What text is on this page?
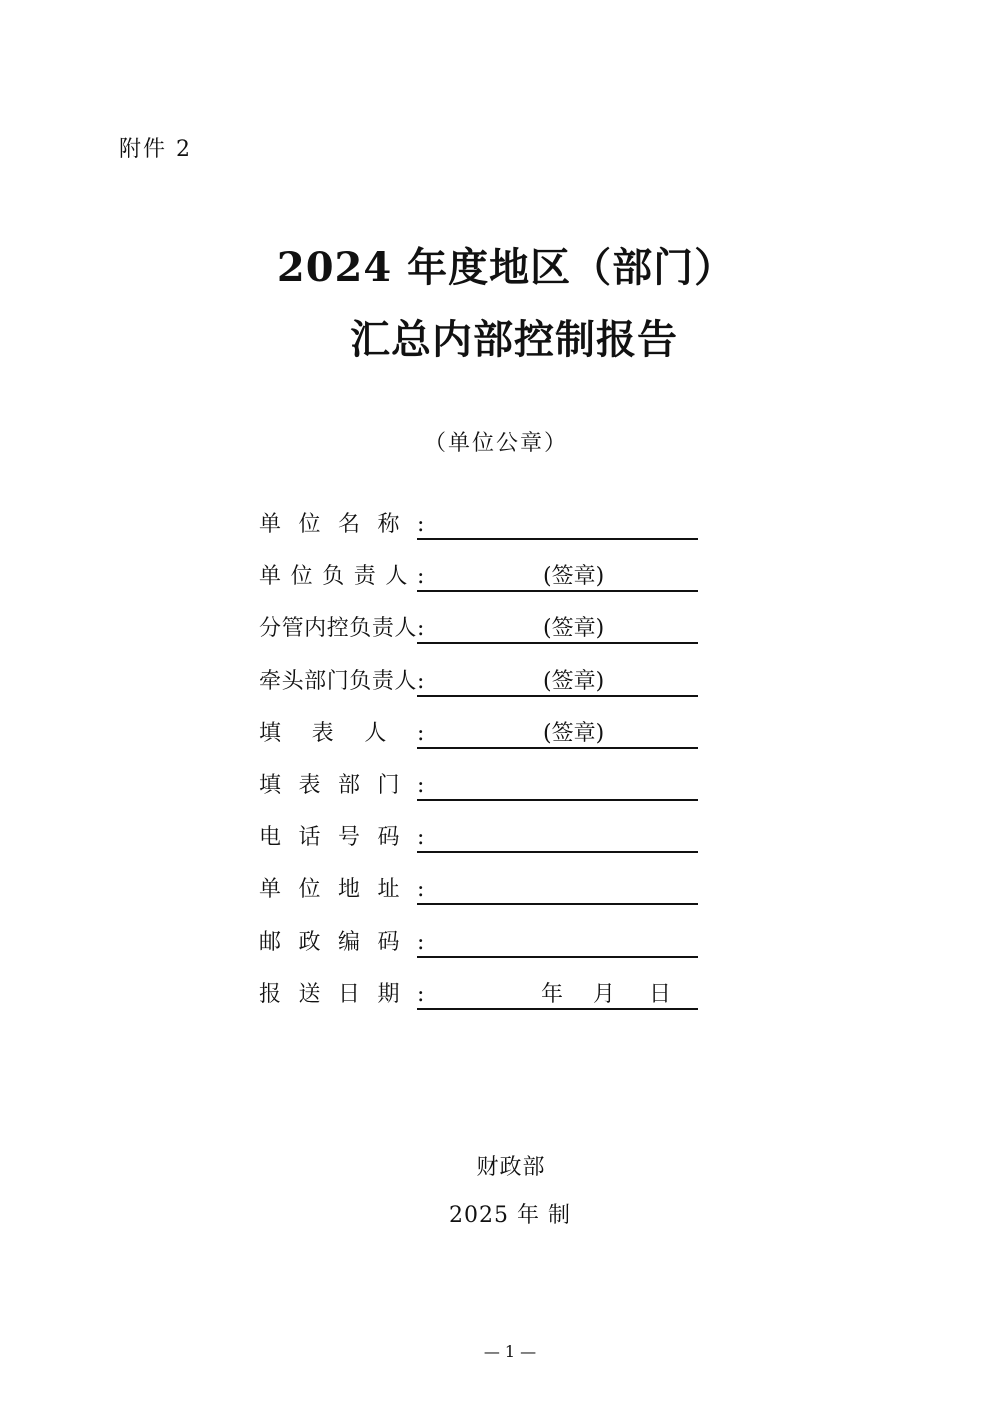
附件 2
2024 年度地区（部门）
汇总内部控制报告
（单位公章）
单 位 名 称 :
单 位 负 责 人 :	(签章)
分 管 内 控 负 责 人 :	(签章)
牵 头 部 门 负 责 人 :	(签章)
填 表 人 :	(签章)
填 表 部 门 :
电 话 号 码 :
单 位 地 址 :
邮 政 编 码 :
报 送 日 期 :	年 月 日
财政部
2025 年 制
— 1 —
